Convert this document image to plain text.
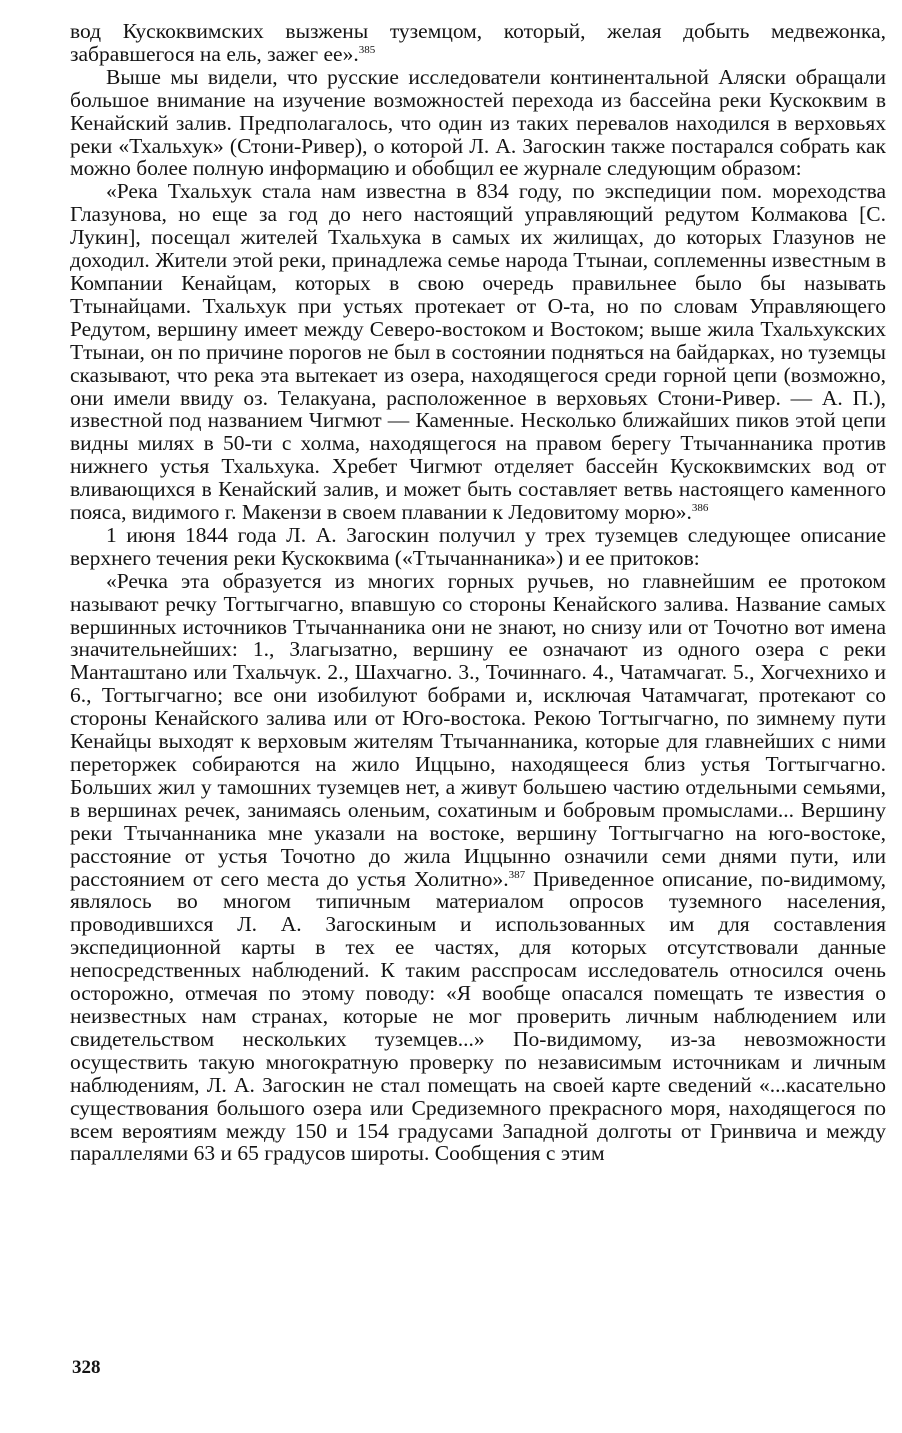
вод Кускоквимских вызжены туземцом, который, желая добыть медвежонка, забравшегося на ель, зажег ее».$^{385}$

Выше мы видели, что русские исследователи континентальной Аляски обращали большое внимание на изучение возможностей перехода из бассейна реки Кускоквим в Кенайский залив. Предполагалось, что один из таких перевалов находился в верховьях реки «Тхальхук» (Стони-Ривер), о которой Л. А. Загоскин также постарался собрать как можно более полную информацию и обобщил ее журнале следующим образом:

«Река Тхальхук стала нам известна в 834 году, по экспедиции пом. мореходства Глазунова, но еще за год до него настоящий управляющий редутом Колмакова [С. Лукин], посещал жителей Тхальхука в самых их жилищах, до которых Глазунов не доходил. Жители этой реки, принадлежа семье народа Ттынаи, соплеменны известным в Компании Кенайцам, которых в свою очередь правильнее было бы называть Ттынайцами. Тхальхук при устьях протекает от О-та, но по словам Управляющего Редутом, вершину имеет между Северо-востоком и Востоком; выше жила Тхальхукских Ттынаи, он по причине порогов не был в состоянии подняться на байдарках, но туземцы сказывают, что река эта вытекает из озера, находящегося среди горной цепи (возможно, они имели ввиду оз. Телакуана, расположенное в верховьях Стони-Ривер. — А. П.), известной под названием Чигмют — Каменные. Несколько ближайших пиков этой цепи видны милях в 50-ти с холма, находящегося на правом берегу Ттычаннаника против нижнего устья Тхальхука. Хребет Чигмют отделяет бассейн Кускоквимских вод от вливающихся в Кенайский залив, и может быть составляет ветвь настоящего каменного пояса, видимого г. Макензи в своем плавании к Ледовитому морю».$^{386}$

1 июня 1844 года Л. А. Загоскин получил у трех туземцев следующее описание верхнего течения реки Кускоквима («Ттычаннаника») и ее притоков:

«Речка эта образуется из многих горных ручьев, но главнейшим ее протоком называют речку Тогтыгчагно, впавшую со стороны Кенайского залива. Название самых вершинных источников Ттычаннаника они не знают, но снизу или от Точотно вот имена значительнейших: 1., Злагызатно, вершину ее означают из одного озера с реки Манташтано или Тхальчук. 2., Шахчагно. 3., Точиннаго. 4., Чатамчагат. 5., Хогчехнихо и 6., Тогтыгчагно; все они изобилуют бобрами и, исключая Чатамчагат, протекают со стороны Кенайского залива или от Юго-востока. Рекою Тогтыгчагно, по зимнему пути Кенайцы выходят к верховым жителям Ттычаннаника, которые для главнейших с ними переторжек собираются на жило Иццыно, находящееся близ устья Тогтыгчагно. Больших жил у тамошних туземцев нет, а живут большею частию отдельными семьями, в вершинах речек, занимаясь оленьим, сохатиным и бобровым промыслами... Вершину реки Ттычаннаника мне указали на востоке, вершину Тогтыгчагно на юго-востоке, расстояние от устья Точотно до жила Иццынно означили семи днями пути, или расстоянием от сего места до устья Холитно».$^{387}$ Приведенное описание, по-видимому, являлось во многом типичным материалом опросов туземного населения, проводившихся Л. А. Загоскиным и использованных им для составления экспедиционной карты в тех ее частях, для которых отсутствовали данные непосредственных наблюдений. К таким расспросам исследователь относился очень осторожно, отмечая по этому поводу: «Я вообще опасался помещать те известия о неизвестных нам странах, которые не мог проверить личным наблюдением или свидетельством нескольких туземцев...» По-видимому, из-за невозможности осуществить такую многократную проверку по независимым источникам и личным наблюдениям, Л. А. Загоскин не стал помещать на своей карте сведений «...касательно существования большого озера или Средиземного прекрасного моря, находящегося по всем вероятиям между 150 и 154 градусами Западной долготы от Гринвича и между параллелями 63 и 65 градусов широты. Сообщения с этим

328
